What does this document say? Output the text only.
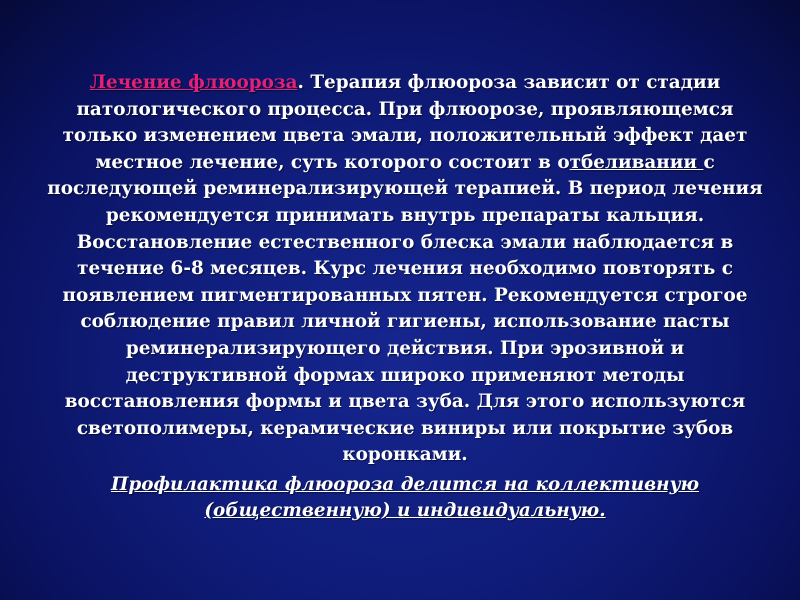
Лечение флюороза. Терапия флюороза зависит от стадии патологического процесса. При флюорозе, проявляющемся только изменением цвета эмали, положительный эффект дает местное лечение, суть которого состоит в отбеливании с последующей реминерализирующей терапией. В период лечения рекомендуется принимать внутрь препараты кальция. Восстановление естественного блеска эмали наблюдается в течение 6-8 месяцев. Курс лечения необходимо повторять с появлением пигментированных пятен. Рекомендуется строгое соблюдение правил личной гигиены, использование пасты реминерализирующего действия. При эрозивной и деструктивной формах широко применяют методы восстановления формы и цвета зуба. Для этого используются светополимеры, керамические виниры или покрытие зубов коронками.

Профилактика флюороза делится на коллективную (общественную) и индивидуальную.
